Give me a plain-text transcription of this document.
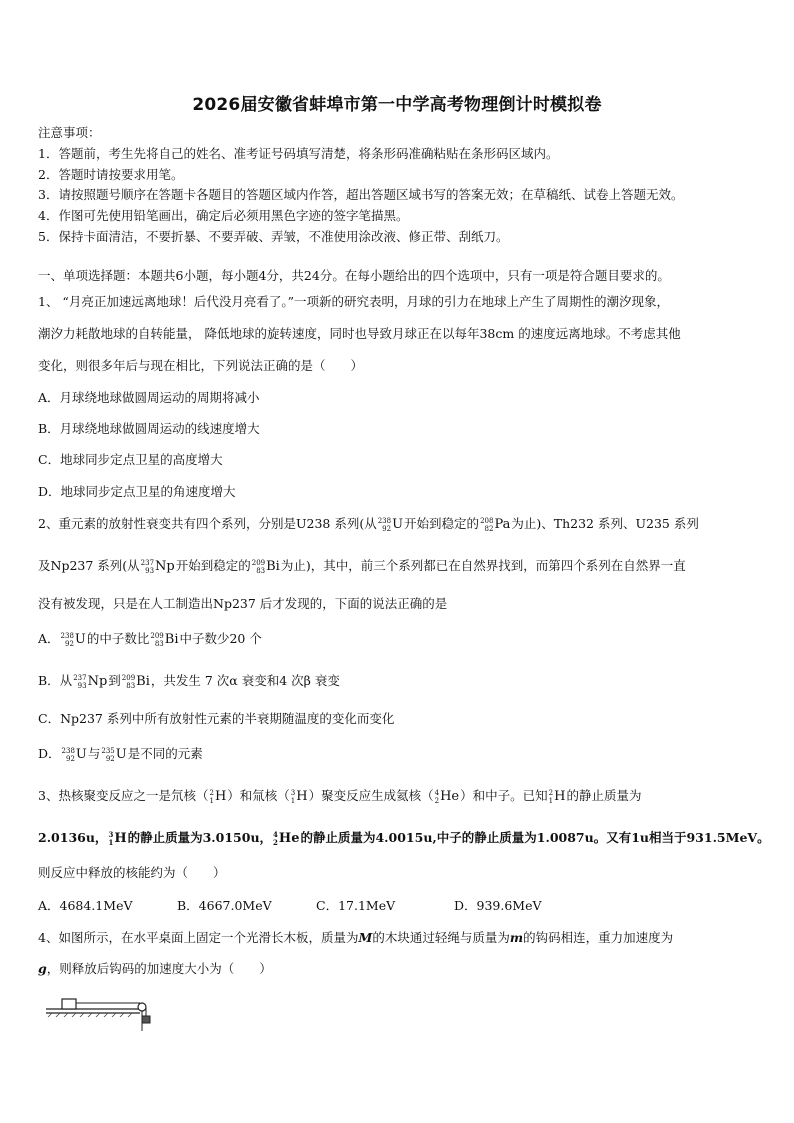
2026届安徽省蚌埠市第一中学高考物理倒计时模拟卷
注意事项：
1．答题前，考生先将自己的姓名、准考证号码填写清楚，将条形码准确粘贴在条形码区域内。
2．答题时请按要求用笔。
3．请按照题号顺序在答题卡各题目的答题区域内作答，超出答题区域书写的答案无效；在草稿纸、试卷上答题无效。
4．作图可先使用铅笔画出，确定后必须用黑色字迹的签字笔描黑。
5．保持卡面清洁，不要折暴、不要弄破、弄皱，不准使用涂改液、修正带、刮纸刀。
一、单项选择题：本题共6小题，每小题4分，共24分。在每小题给出的四个选项中，只有一项是符合题目要求的。
1、 “月亮正加速远离地球！后代没月亮看了。”一项新的研究表明，月球的引力在地球上产生了周期性的潮汐现象，
潮汐力耗散地球的自转能量， 降低地球的旋转速度，同时也导致月球正在以每年38cm 的速度远离地球。不考虑其他
变化，则很多年后与现在相比，下列说法正确的是（　　）
A．月球绕地球做圆周运动的周期将减小
B．月球绕地球做圆周运动的线速度增大
C．地球同步定点卫星的高度增大
D．地球同步定点卫星的角速度增大
2、重元素的放射性衰变共有四个系列，分别是U238 系列(从 238
92 U开始到稳定的 208
82 Pa为止)、Th232 系列、U235 系列
及Np237 系列(从 237
93 Np开始到稳定的 209
83 Bi为止)，其中，前三个系列都已在自然界找到，而第四个系列在自然界一直
没有被发现，只是在人工制造出Np237 后才发现的，下面的说法正确的是
A． 238
92 U的中子数比 209
83 Bi中子数少20 个
B．从 237
93 Np到 209
83 Bi，共发生 7 次α 衰变和4 次β 衰变
C．Np237 系列中所有放射性元素的半衰期随温度的变化而变化
D． 238
92 U与 235
92 U是不同的元素
3、热核聚变反应之一是氘核（ 2
1 H）和氚核（ 3
1 H）聚变反应生成氦核（ 4
2 He）和中子。已知 2
1 H的静止质量为
2.0136u， 3
1 H的静止质量为3.0150u， 4
2 He的静止质量为4.0015u,中子的静止质量为1.0087u。又有1u相当于931.5MeV。
则反应中释放的核能约为（　　）
A．4684.1MeV	B．4667.0MeV	C．17.1MeV	D．939.6MeV
4、如图所示，在水平桌面上固定一个光滑长木板，质量为M的木块通过轻绳与质量为m的钩码相连，重力加速度为
g，则释放后钩码的加速度大小为（　　）
